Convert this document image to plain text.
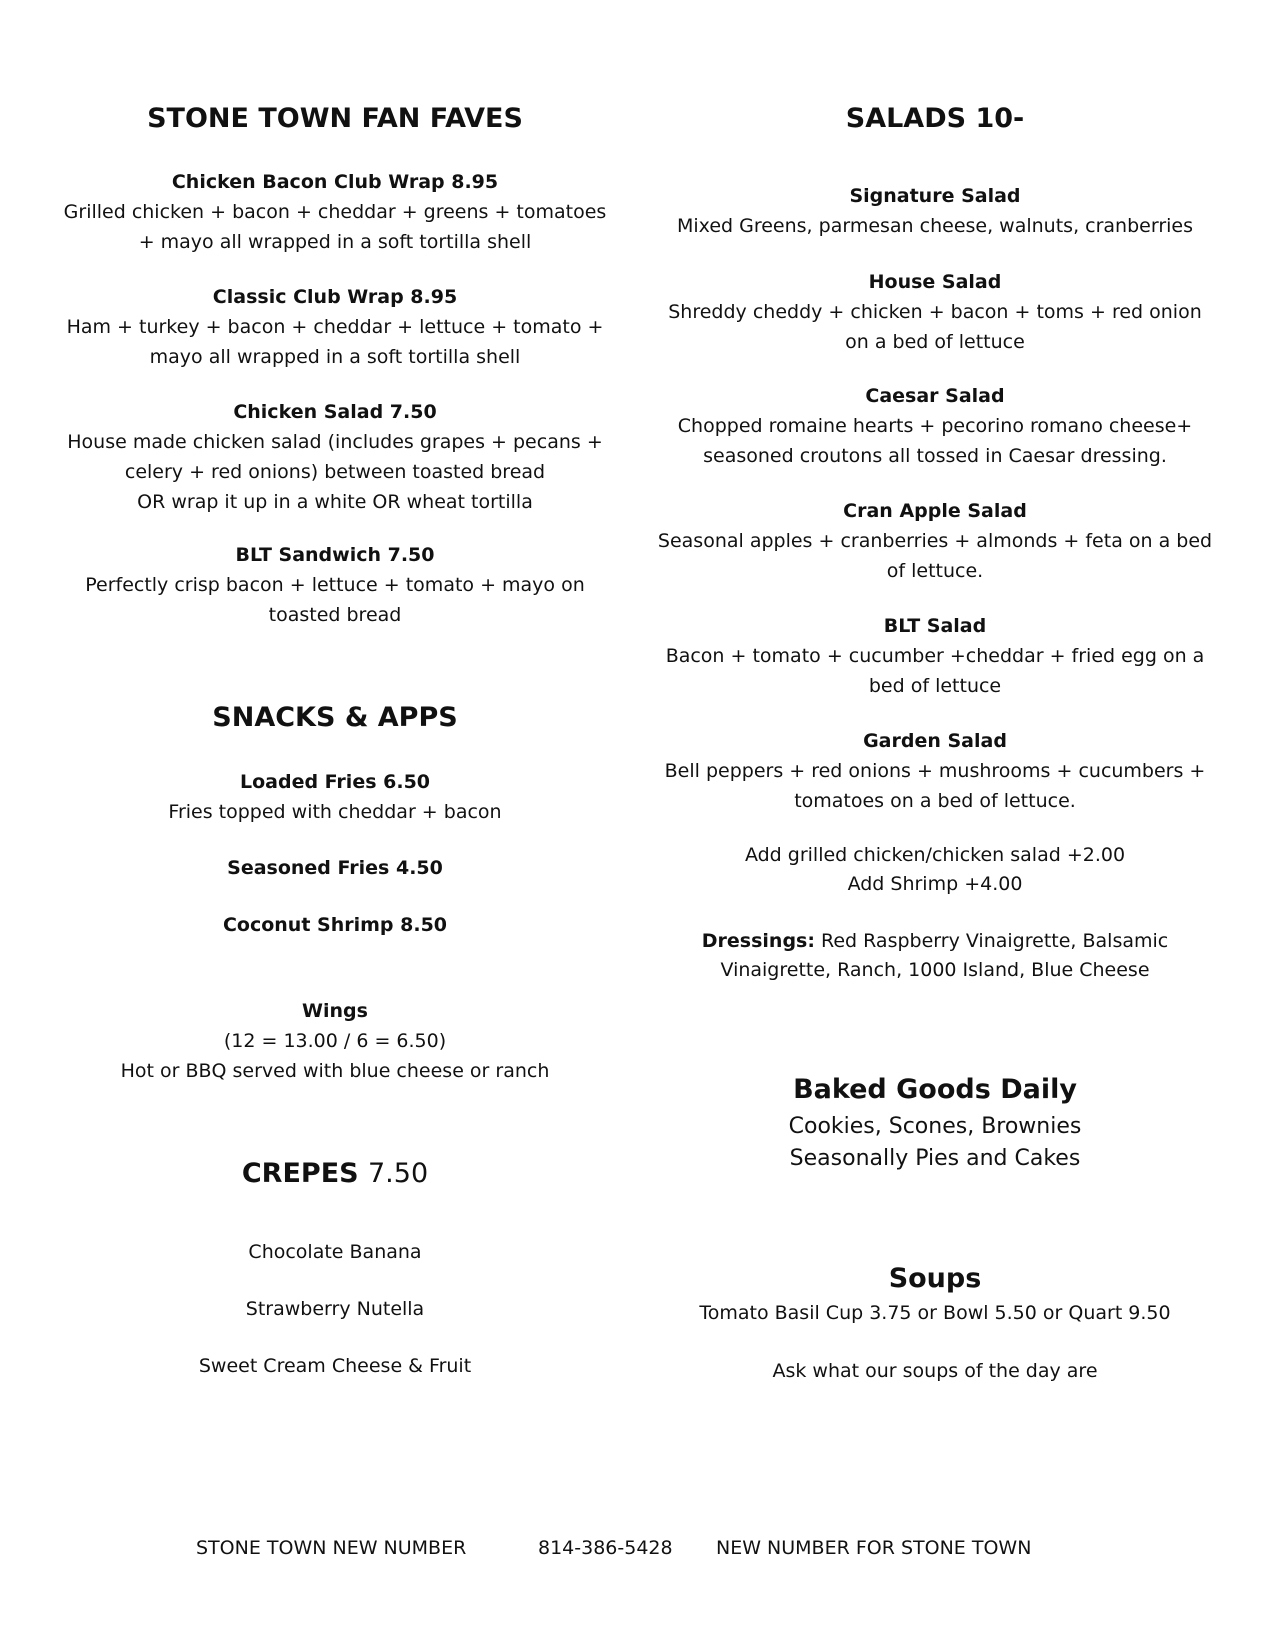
STONE TOWN FAN FAVES
Chicken Bacon Club Wrap 8.95
Grilled chicken + bacon + cheddar + greens + tomatoes
+ mayo all wrapped in a soft tortilla shell
Classic Club Wrap 8.95
Ham + turkey + bacon + cheddar + lettuce + tomato +
mayo all wrapped in a soft tortilla shell
Chicken Salad 7.50
House made chicken salad (includes grapes + pecans +
celery + red onions) between toasted bread
OR wrap it up in a white OR wheat tortilla
BLT Sandwich 7.50
Perfectly crisp bacon + lettuce + tomato + mayo on
toasted bread
SNACKS & APPS
Loaded Fries 6.50
Fries topped with cheddar + bacon
Seasoned Fries 4.50
Coconut Shrimp 8.50
Wings
(12 = 13.00 / 6 = 6.50)
Hot or BBQ served with blue cheese or ranch
CREPES 7.50
Chocolate Banana
Strawberry Nutella
Sweet Cream Cheese & Fruit
SALADS 10-
Signature Salad
Mixed Greens, parmesan cheese, walnuts, cranberries
House Salad
Shreddy cheddy + chicken + bacon + toms + red onion
on a bed of lettuce
Caesar Salad
Chopped romaine hearts + pecorino romano cheese+
seasoned croutons all tossed in Caesar dressing.
Cran Apple Salad
Seasonal apples + cranberries + almonds + feta on a bed
of lettuce.
BLT Salad
Bacon + tomato + cucumber +cheddar + fried egg on a
bed of lettuce
Garden Salad
Bell peppers + red onions + mushrooms + cucumbers +
tomatoes on a bed of lettuce.
Add grilled chicken/chicken salad +2.00
Add Shrimp +4.00
Dressings: Red Raspberry Vinaigrette, Balsamic
Vinaigrette, Ranch, 1000 Island, Blue Cheese
Baked Goods Daily
Cookies, Scones, Brownies
Seasonally Pies and Cakes
Soups
Tomato Basil Cup 3.75 or Bowl 5.50 or Quart 9.50
Ask what our soups of the day are
STONE TOWN NEW NUMBER	814-386-5428 NEW NUMBER FOR STONE TOWN
